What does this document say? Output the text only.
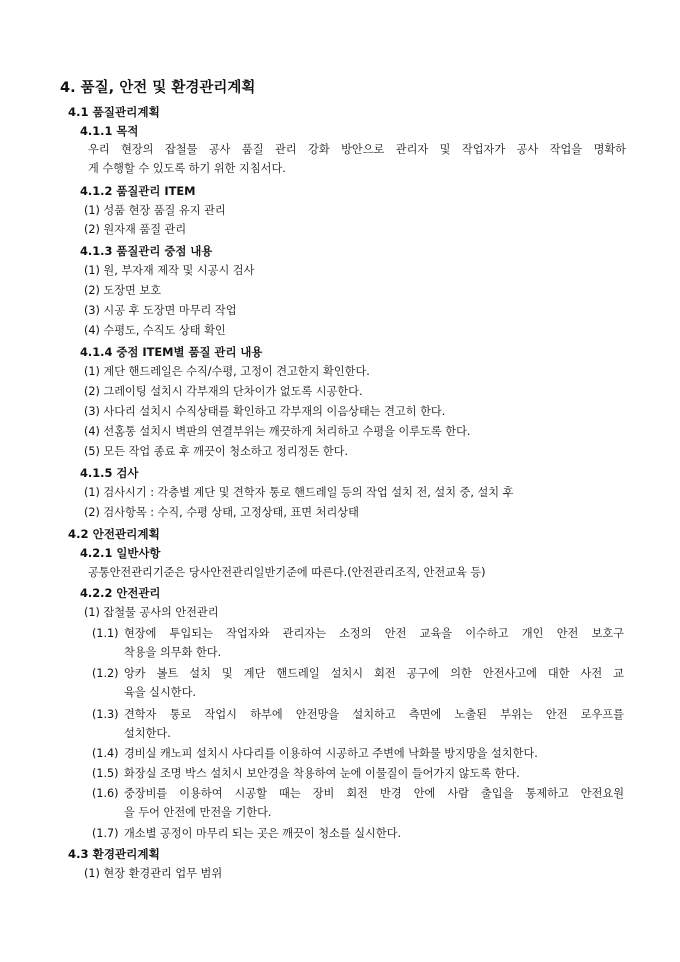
4. 품질, 안전 및 환경관리계획
4.1 품질관리계획
4.1.1 목적
우리 현장의 잡철물 공사 품질 관리 강화 방안으로 관리자 및 작업자가 공사 작업을 명확하
게 수행할 수 있도록 하기 위한 지침서다.
4.1.2 품질관리 ITEM
(1) 성품 현장 품질 유지 관리
(2) 원자재 품질 관리
4.1.3 품질관리 중점 내용
(1) 원, 부자재 제작 및 시공시 검사
(2) 도장면 보호
(3) 시공 후 도장면 마무리 작업
(4) 수평도, 수직도 상태 확인
4.1.4 중점 ITEM별 품질 관리 내용
(1) 계단 핸드레일은 수직/수평, 고정이 견고한지 확인한다.
(2) 그레이팅 설치시 각부재의 단차이가 없도록 시공한다.
(3) 사다리 설치시 수직상태를 확인하고 각부재의 이음상태는 견고히 한다.
(4) 선홈통 설치시 벽판의 연결부위는 깨끗하게 처리하고 수평을 이루도록 한다.
(5) 모든 작업 종료 후 깨끗이 청소하고 정리정돈 한다.
4.1.5 검사
(1) 검사시기 : 각층별 계단 및 견학자 통로 핸드레일 등의 작업 설치 전, 설치 중, 설치 후
(2) 검사항목 : 수직, 수평 상태, 고정상태, 표면 처리상태
4.2 안전관리계획
4.2.1 일반사항
공통안전관리기준은 당사안전관리일반기준에 따른다.(안전관리조직, 안전교육 등)
4.2.2 안전관리
(1) 잡철물 공사의 안전관리
(1.1) 현장에 투입되는 작업자와 관리자는 소정의 안전 교육을 이수하고 개인 안전 보호구
착용을 의무화 한다.
(1.2) 앙카 볼트 설치 및 계단 핸드레일 설치시 회전 공구에 의한 안전사고에 대한 사전 교
육을 실시한다.
(1.3) 견학자 통로 작업시 하부에 안전망을 설치하고 측면에 노출된 부위는 안전 로우프를
설치한다.
(1.4) 경비실 캐노피 설치시 사다리를 이용하여 시공하고 주변에 낙화물 방지망을 설치한다.
(1.5) 화장실 조명 박스 설치시 보안경을 착용하여 눈에 이물질이 들어가지 않도록 한다.
(1.6) 중장비를 이용하여 시공할 때는 장비 회전 반경 안에 사람 출입을 통제하고 안전요원
을 두어 안전에 만전을 기한다.
(1.7) 개소별 공정이 마무리 되는 곳은 깨끗이 청소를 실시한다.
4.3 환경관리계획
(1) 현장 환경관리 업무 범위
